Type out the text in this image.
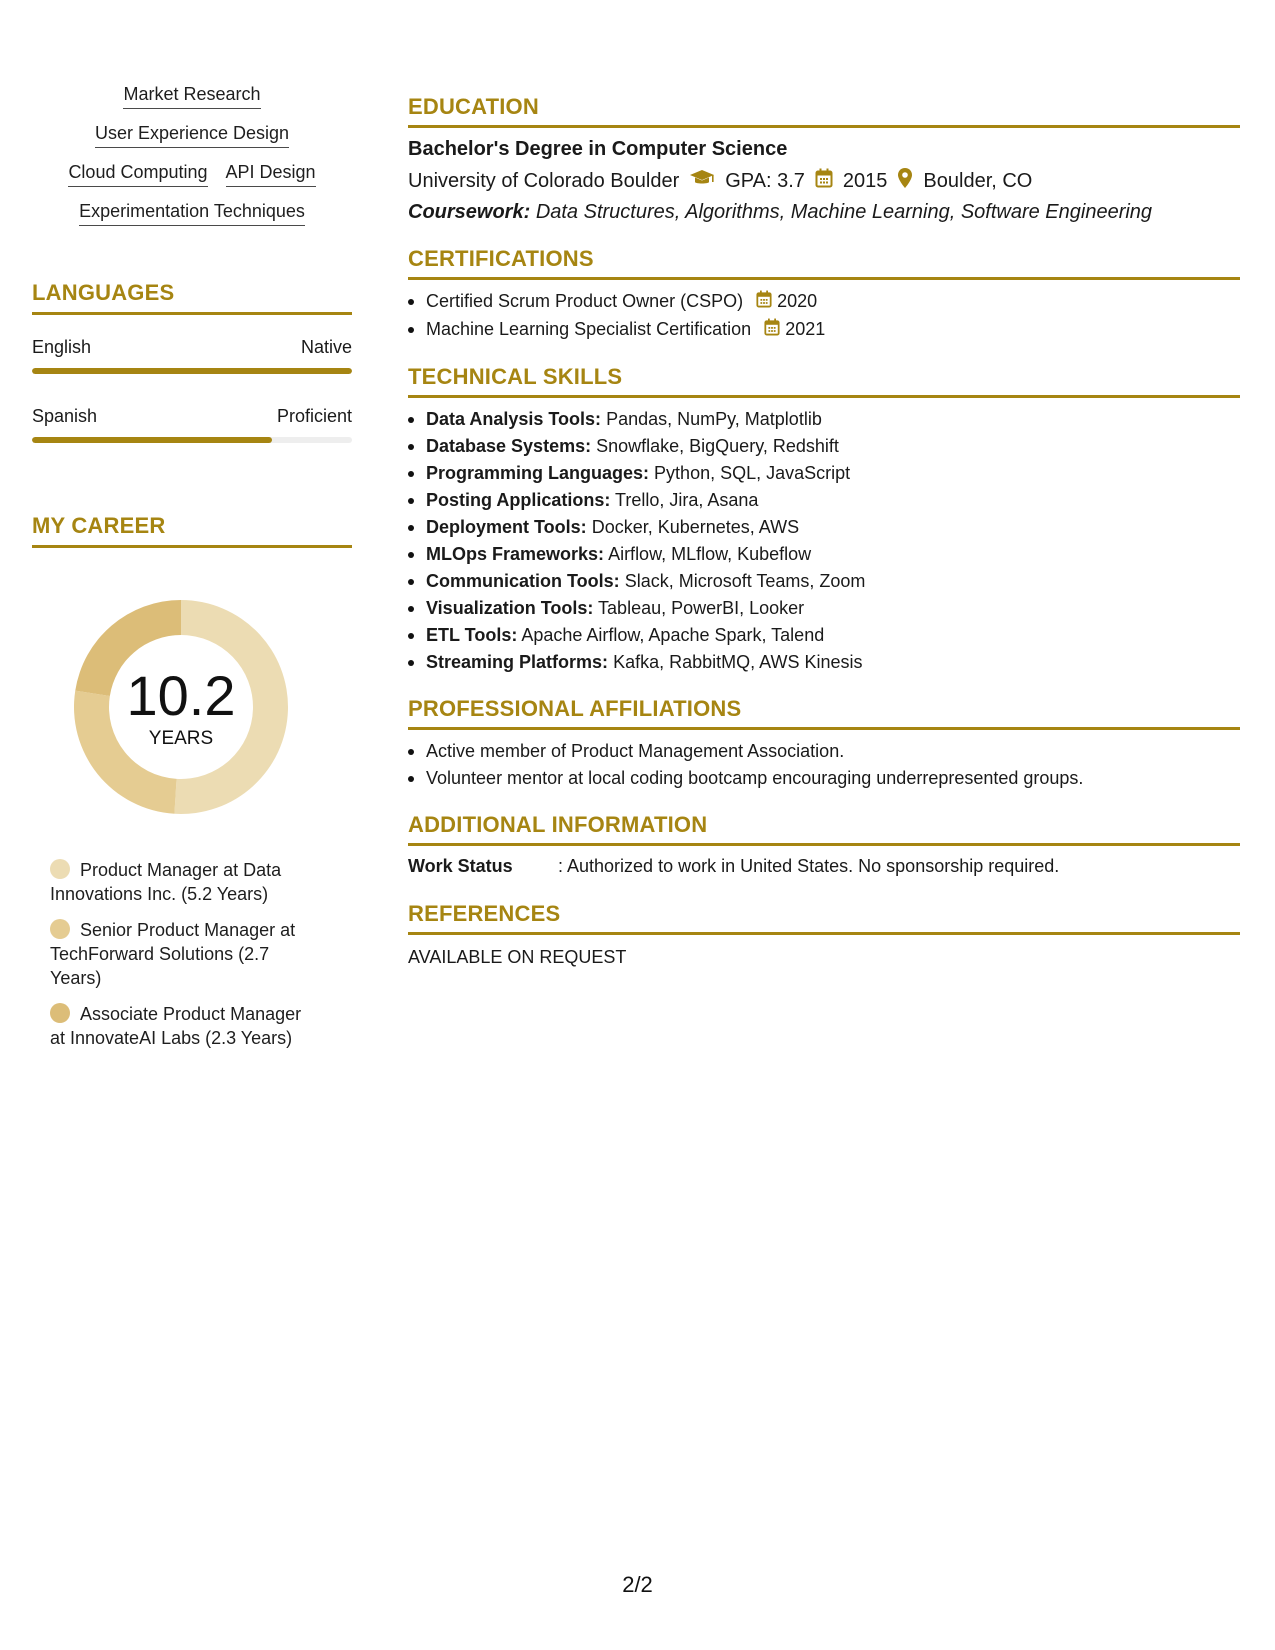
Market Research
User Experience Design
Cloud Computing API Design
Experimentation Techniques
LANGUAGES
English	Native
Spanish	Proficient
MY CAREER
10.2
YEARS
Product Manager at Data Innovations Inc. (5.2 Years)
Senior Product Manager at TechForward Solutions (2.7 Years)
Associate Product Manager at InnovateAI Labs (2.3 Years)
EDUCATION
Bachelor's Degree in Computer Science
University of Colorado Boulder GPA: 3.7 2015 Boulder, CO
Coursework: Data Structures, Algorithms, Machine Learning, Software Engineering
CERTIFICATIONS
Certified Scrum Product Owner (CSPO) 2020
Machine Learning Specialist Certification 2021
TECHNICAL SKILLS
Data Analysis Tools: Pandas, NumPy, Matplotlib
Database Systems: Snowflake, BigQuery, Redshift
Programming Languages: Python, SQL, JavaScript
Posting Applications: Trello, Jira, Asana
Deployment Tools: Docker, Kubernetes, AWS
MLOps Frameworks: Airflow, MLflow, Kubeflow
Communication Tools: Slack, Microsoft Teams, Zoom
Visualization Tools: Tableau, PowerBI, Looker
ETL Tools: Apache Airflow, Apache Spark, Talend
Streaming Platforms: Kafka, RabbitMQ, AWS Kinesis
PROFESSIONAL AFFILIATIONS
Active member of Product Management Association.
Volunteer mentor at local coding bootcamp encouraging underrepresented groups.
ADDITIONAL INFORMATION
Work Status	: Authorized to work in United States. No sponsorship required.
REFERENCES
AVAILABLE ON REQUEST
2/2
